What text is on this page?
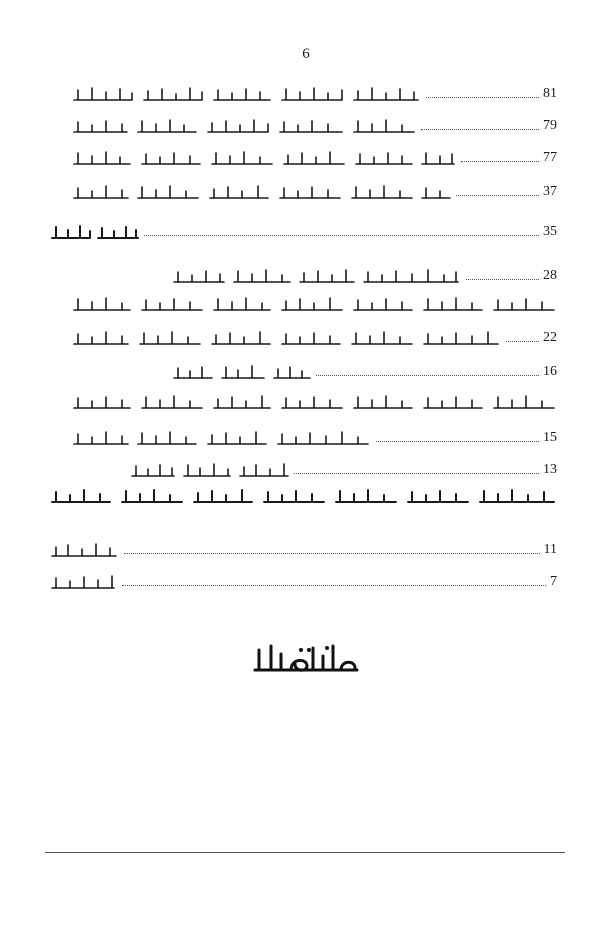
6
81
79
77
37
35
28
22
16
15
13
11
7
